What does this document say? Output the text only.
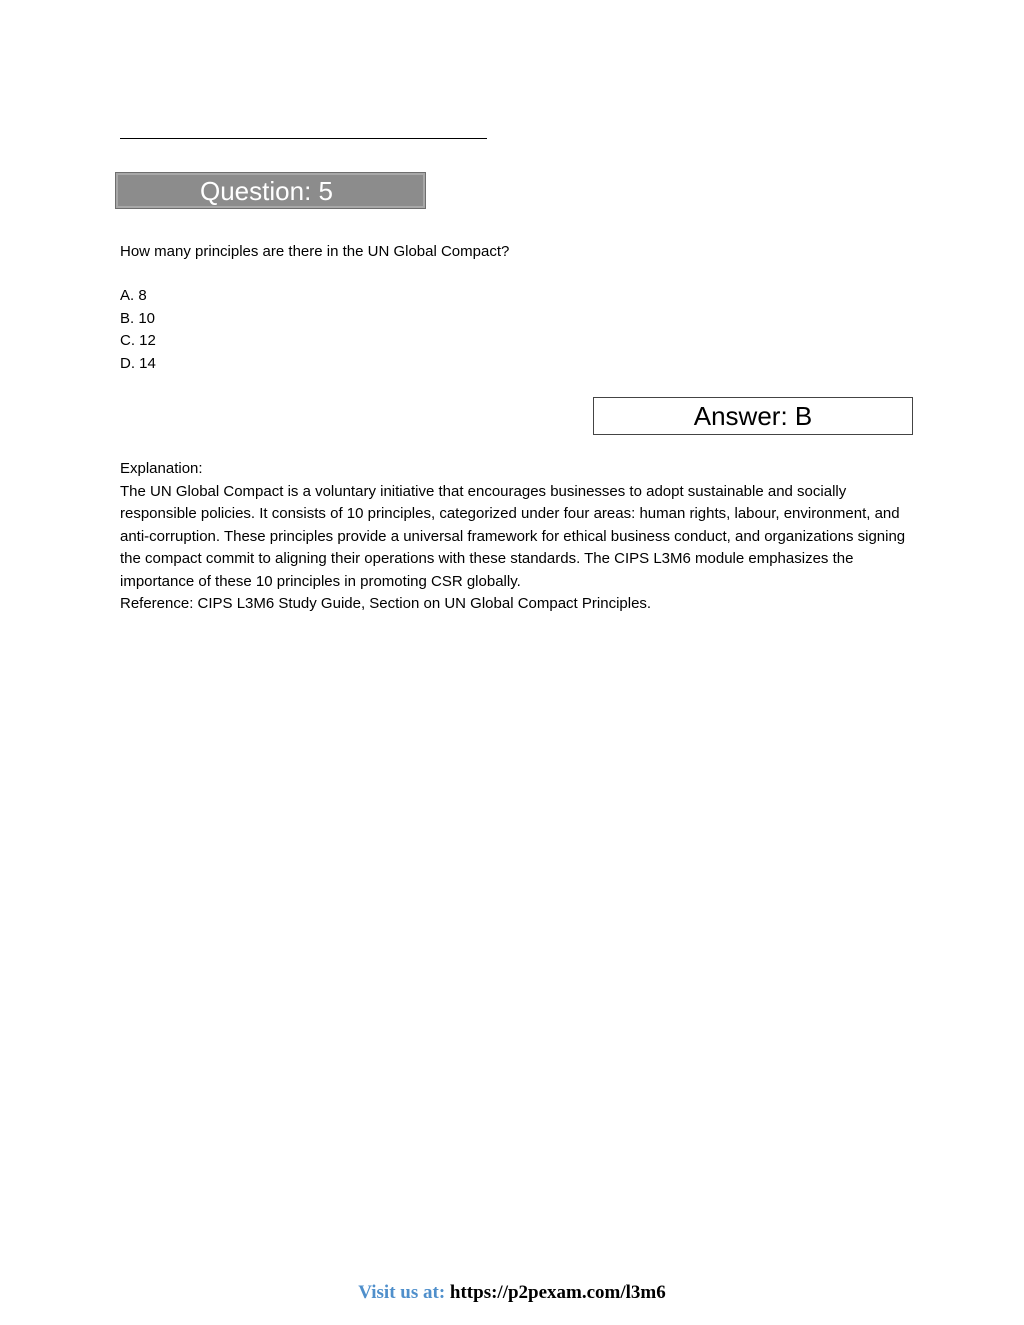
Question: 5
How many principles are there in the UN Global Compact?
A. 8
B. 10
C. 12
D. 14
Answer: B

Explanation:

The UN Global Compact is a voluntary initiative that encourages businesses to adopt sustainable and socially responsible policies. It consists of 10 principles, categorized under four areas: human rights, labour, environment, and anti-corruption. These principles provide a universal framework for ethical business conduct, and organizations signing the compact commit to aligning their operations with these standards. The CIPS L3M6 module emphasizes the importance of these 10 principles in promoting CSR globally.

Reference: CIPS L3M6 Study Guide, Section on UN Global Compact Principles.

Visit us at: https://p2pexam.com/l3m6
